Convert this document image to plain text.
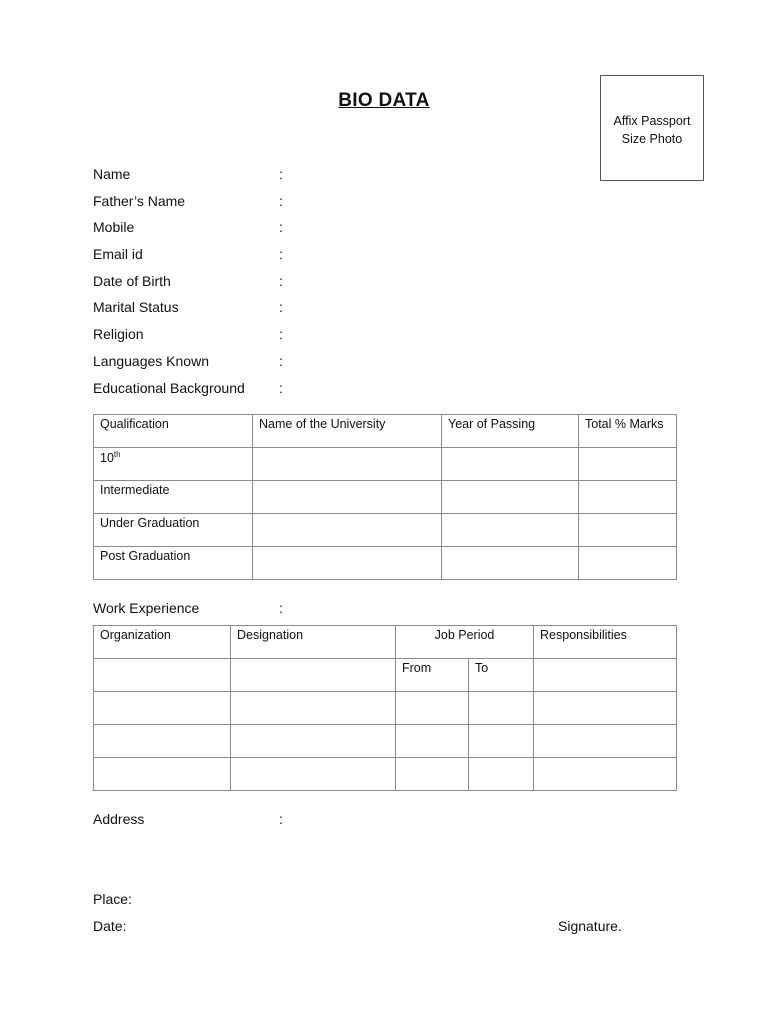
BIO DATA
Affix Passport
Size Photo
Name	:
Father’s Name	:
Mobile	:
Email id	:
Date of Birth	:
Marital Status	:
Religion	:
Languages Known	:
Educational Background :
Qualification	Name of the University	Year of Passing	Total % Marks
10th			
Intermediate			
Under Graduation			
Post Graduation			
Work Experience	:
Organization	Designation	Job Period		Responsibilities
		From	To	

Address	:
Place:
Date:	Signature.
